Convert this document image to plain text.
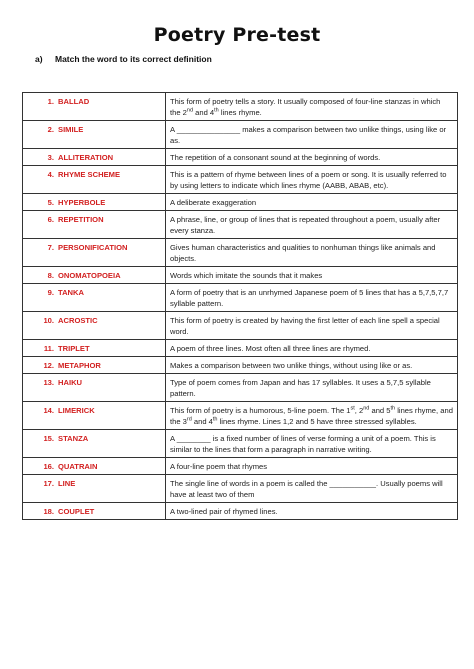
Poetry Pre-test
a) Match the word to its correct definition
1. BALLAD	This form of poetry tells a story. It usually composed of four-line stanzas in which the 2nd and 4th lines rhyme.
2. SIMILE	A _______________ makes a comparison between two unlike things, using like or as.
3. ALLITERATION	The repetition of a consonant sound at the beginning of words.
4. RHYME SCHEME	This is a pattern of rhyme between lines of a poem or song. It is usually referred to by using letters to indicate which lines rhyme (AABB, ABAB, etc).
5. HYPERBOLE	A deliberate exaggeration
6. REPETITION	A phrase, line, or group of lines that is repeated throughout a poem, usually after every stanza.
7. PERSONIFICATION	Gives human characteristics and qualities to nonhuman things like animals and objects.
8. ONOMATOPOEIA	Words which imitate the sounds that it makes
9. TANKA	A form of poetry that is an unrhymed Japanese poem of 5 lines that has a 5,7,5,7,7 syllable pattern.
10. ACROSTIC	This form of poetry is created by having the first letter of each line spell a special word.
11. TRIPLET	A poem of three lines. Most often all three lines are rhymed.
12. METAPHOR	Makes a comparison between two unlike things, without using like or as.
13. HAIKU	Type of poem comes from Japan and has 17 syllables. It uses a 5,7,5 syllable pattern.
14. LIMERICK	This form of poetry is a humorous, 5-line poem. The 1st, 2nd and 5th lines rhyme, and the 3rd and 4th lines rhyme. Lines 1,2 and 5 have three stressed syllables.
15. STANZA	A ________ is a fixed number of lines of verse forming a unit of a poem. This is similar to the lines that form a paragraph in narrative writing.
16. QUATRAIN	A four-line poem that rhymes
17. LINE	The single line of words in a poem is called the ___________. Usually poems will have at least two of them
18. COUPLET	A two-lined pair of rhymed lines.
